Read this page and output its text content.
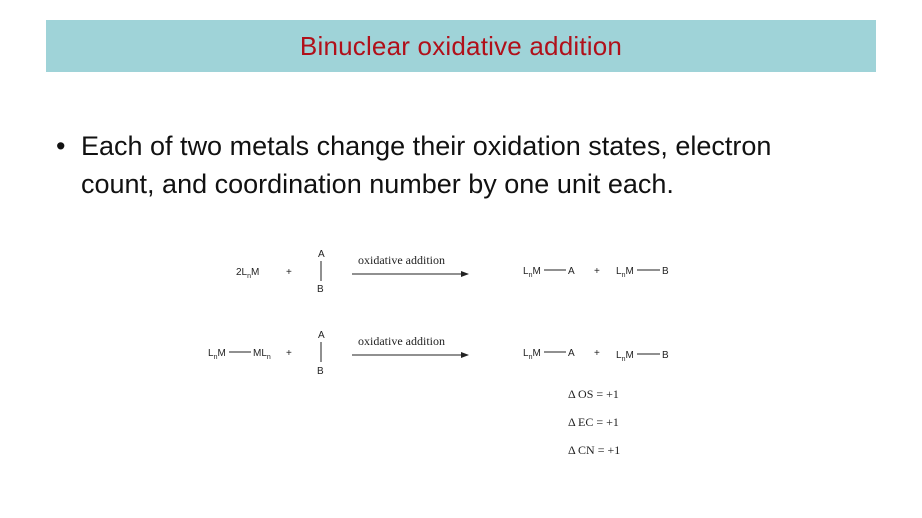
Binuclear oxidative addition
• Each of two metals change their oxidation states, electron count, and coordination number by one unit each.
$2L_nM$	+
A
B
oxidative addition
$L_nM$	$A + L_nM$	B
$L_nM$	$ML_n$ +
A
B
oxidative addition
$L_nM$	$A + L_nM$	B
Δ OS = +1
Δ EC = +1
Δ CN = +1
